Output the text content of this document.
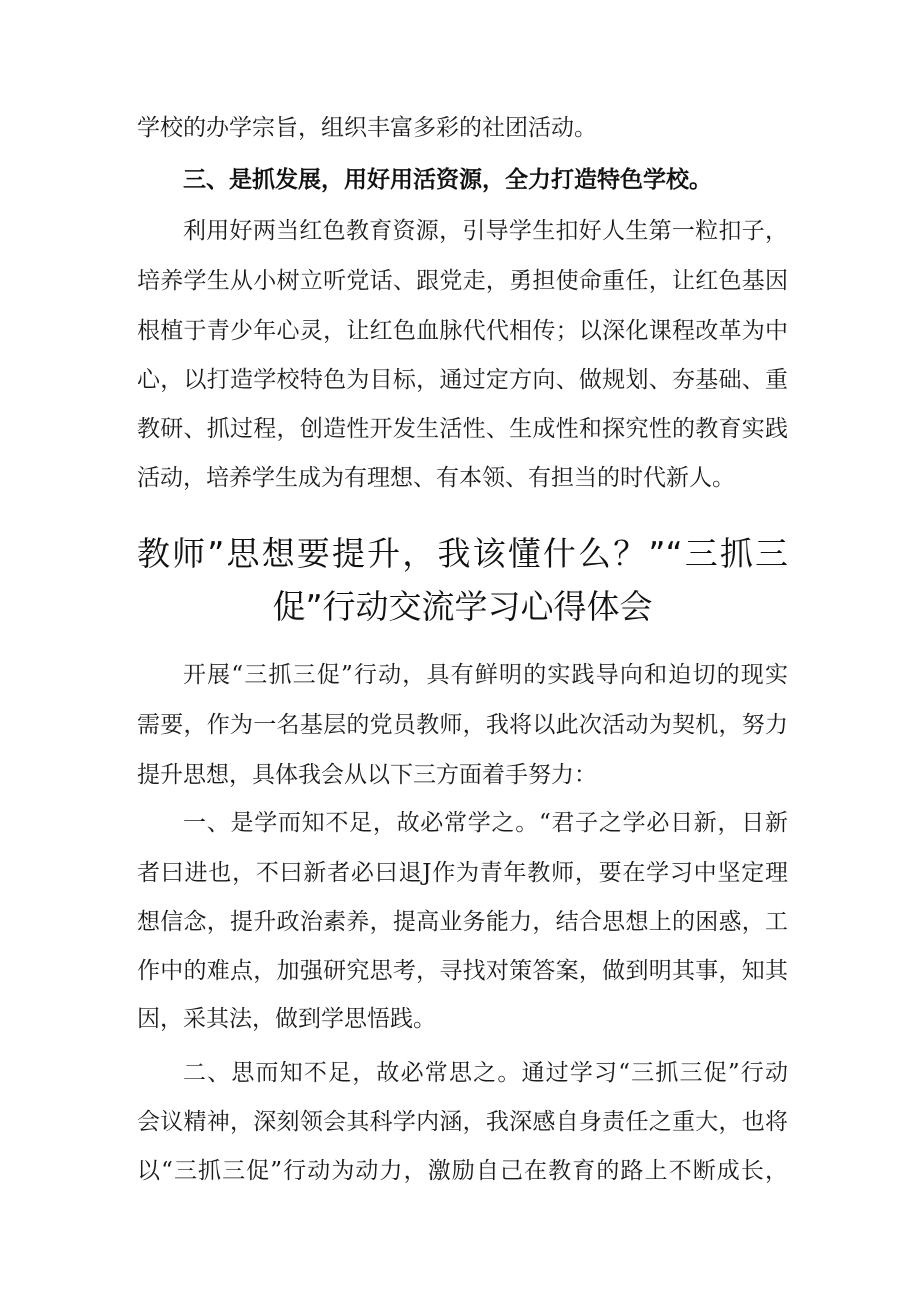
学校的办学宗旨，组织丰富多彩的社团活动。
三、是抓发展，用好用活资源，全力打造特色学校。
利用好两当红色教育资源，引导学生扣好人生第一粒扣子，
培养学生从小树立听党话、跟党走，勇担使命重任，让红色基因
根植于青少年心灵，让红色血脉代代相传；以深化课程改革为中
心，以打造学校特色为目标，通过定方向、做规划、夯基础、重
教研、抓过程，创造性开发生活性、生成性和探究性的教育实践
活动，培养学生成为有理想、有本领、有担当的时代新人。
教师”思想要提升，我该懂什么？”“三抓三
促”行动交流学习心得体会
开展“三抓三促”行动，具有鲜明的实践导向和迫切的现实
需要，作为一名基层的党员教师，我将以此次活动为契机，努力
提升思想，具体我会从以下三方面着手努力：
一、是学而知不足，故必常学之。“君子之学必日新，日新
者曰进也，不曰新者必曰退J作为青年教师，要在学习中坚定理
想信念，提升政治素养，提高业务能力，结合思想上的困惑，工
作中的难点，加强研究思考，寻找对策答案，做到明其事，知其
因，采其法，做到学思悟践。
二、思而知不足，故必常思之。通过学习“三抓三促”行动
会议精神，深刻领会其科学内涵，我深感自身责任之重大，也将
以“三抓三促”行动为动力，激励自己在教育的路上不断成长，
